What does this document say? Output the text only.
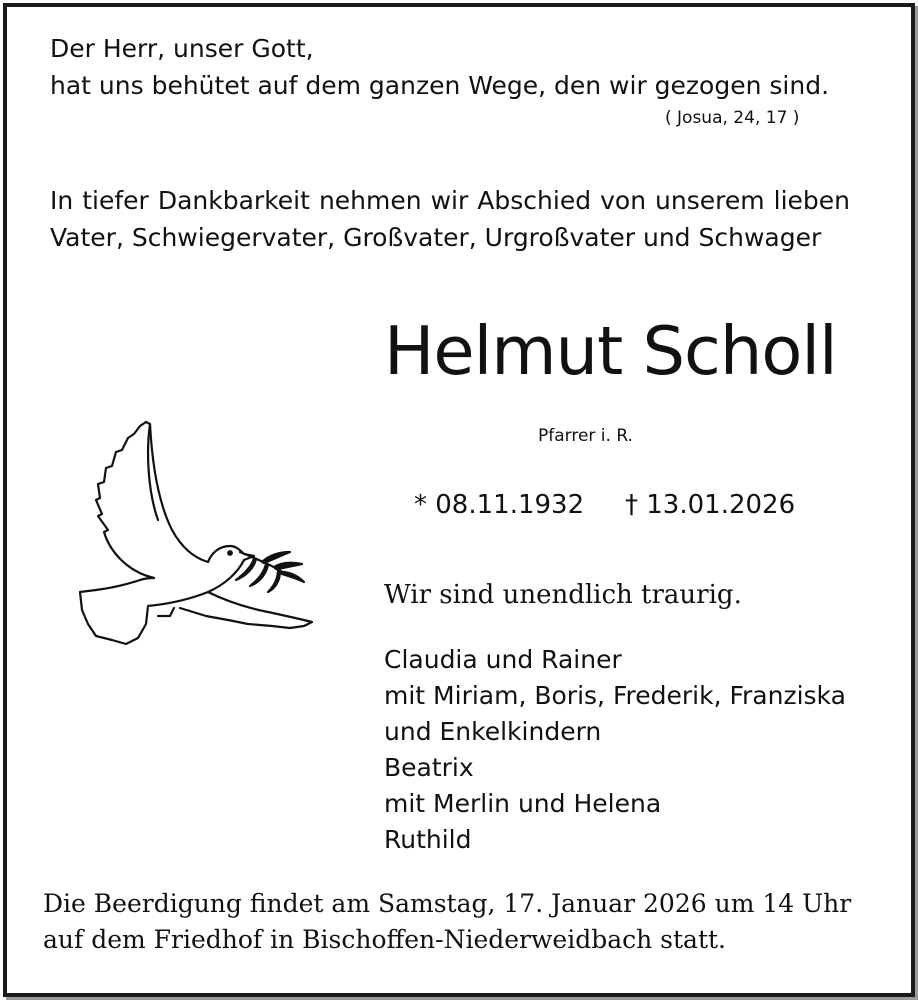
Der Herr, unser Gott,
hat uns behütet auf dem ganzen Wege, den wir gezogen sind.
( Josua, 24, 17 )
In tiefer Dankbarkeit nehmen wir Abschied von unserem lieben
Vater, Schwiegervater, Großvater, Urgroßvater und Schwager
Helmut Scholl
Pfarrer i. R.
* 08.11.1932 † 13.01.2026
Wir sind unendlich traurig.
Claudia und Rainer
mit Miriam, Boris, Frederik, Franziska
und Enkelkindern
Beatrix
mit Merlin und Helena
Ruthild
Die Beerdigung findet am Samstag, 17. Januar 2026 um 14 Uhr
auf dem Friedhof in Bischoffen-Niederweidbach statt.
